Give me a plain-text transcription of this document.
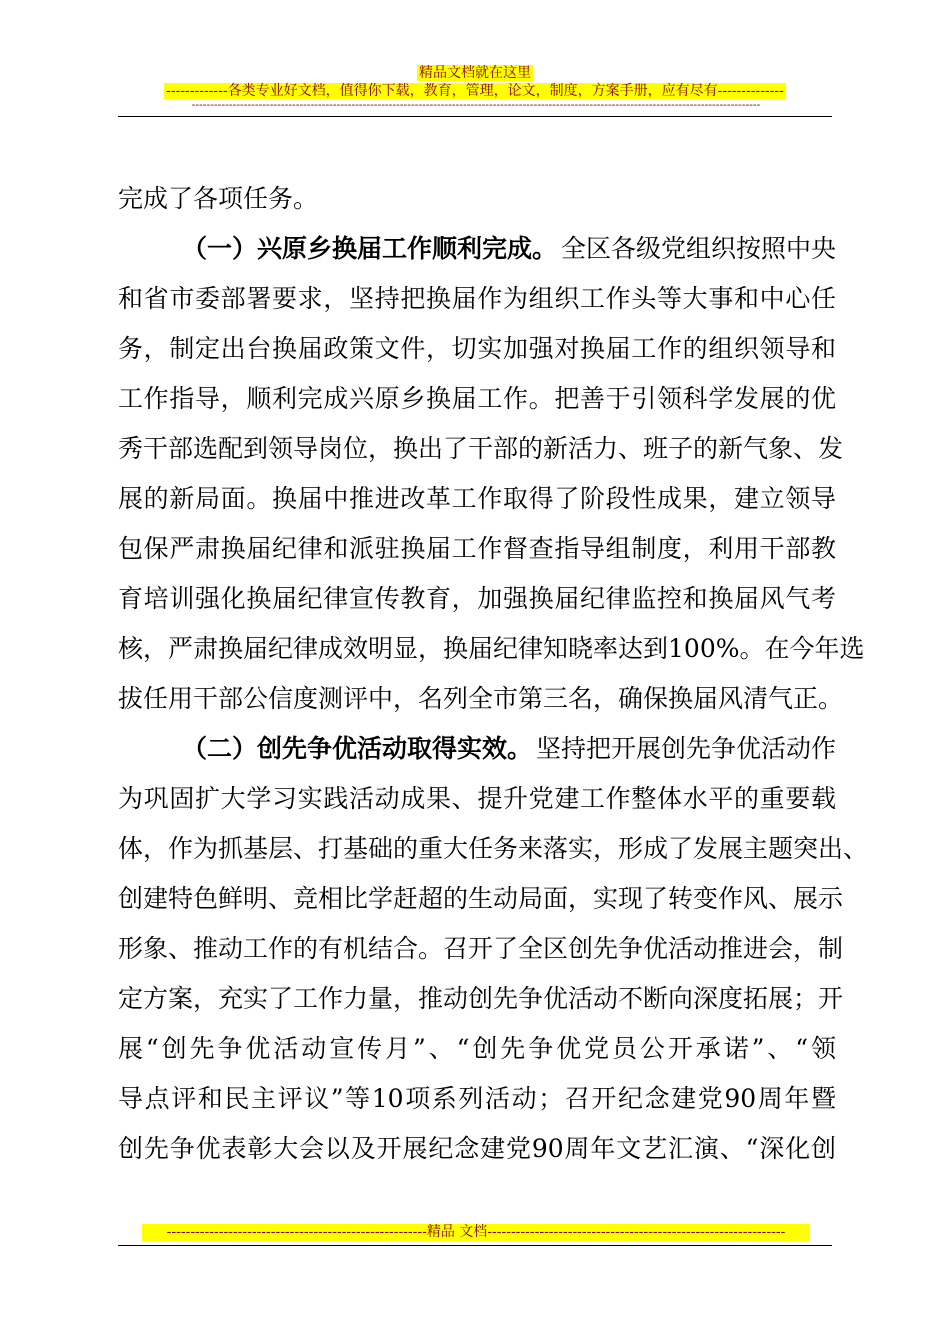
精品文档就在这里
-------------各类专业好文档，值得你下载，教育，管理，论文，制度，方案手册，应有尽有--------------
---------------------------------------------------------------------------------------------------------------------------------------------------------
完成了各项任务。
（一）兴原乡换届工作顺利完成。 全区各级党组织按照中央
和省市委部署要求，坚持把换届作为组织工作头等大事和中心任
务，制定出台换届政策文件，切实加强对换届工作的组织领导和
工作指导，顺利完成兴原乡换届工作。把善于引领科学发展的优
秀干部选配到领导岗位，换出了干部的新活力、班子的新气象、发
展的新局面。换届中推进改革工作取得了阶段性成果，建立领导
包保严肃换届纪律和派驻换届工作督查指导组制度，利用干部教
育培训强化换届纪律宣传教育，加强换届纪律监控和换届风气考
核，严肃换届纪律成效明显，换届纪律知晓率达到100%。在今年选
拔任用干部公信度测评中，名列全市第三名，确保换届风清气正。
（二）创先争优活动取得实效。 坚持把开展创先争优活动作
为巩固扩大学习实践活动成果、提升党建工作整体水平的重要载
体，作为抓基层、打基础的重大任务来落实，形成了发展主题突出、
创建特色鲜明、竞相比学赶超的生动局面，实现了转变作风、展示
形象、推动工作的有机结合。召开了全区创先争优活动推进会，制
定方案，充实了工作力量，推动创先争优活动不断向深度拓展；开
展“创先争优活动宣传月”、“创先争优党员公开承诺”、“领
导点评和民主评议”等10项系列活动；召开纪念建党90周年暨
创先争优表彰大会以及开展纪念建党90周年文艺汇演、“深化创
-------------------------------------------------------精品 文档---------------------------------------------------------------
